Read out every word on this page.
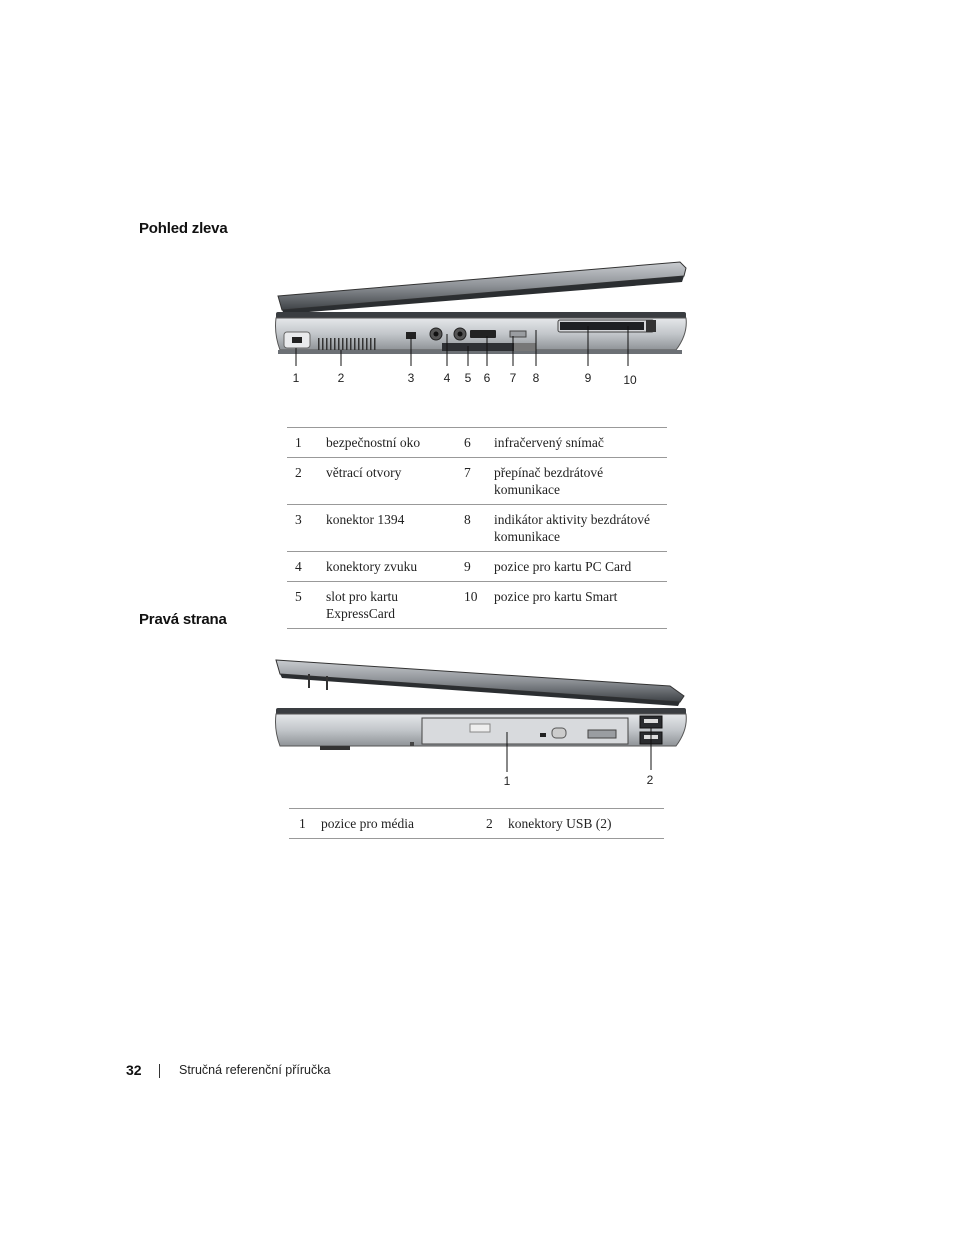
Pohled zleva
1	2	3	4	5	6	7	8	9	10
1	bezpečnostní oko	6	infračervený snímač
2	větrací otvory	7	přepínač bezdrátové komunikace
3	konektor 1394	8	indikátor aktivity bezdrátové komunikace
4	konektory zvuku	9	pozice pro kartu PC Card
5	slot pro kartu ExpressCard	10	pozice pro kartu Smart
Pravá strana
1	2
1	pozice pro média	2	konektory USB (2)
32	Stručná referenční příručka
